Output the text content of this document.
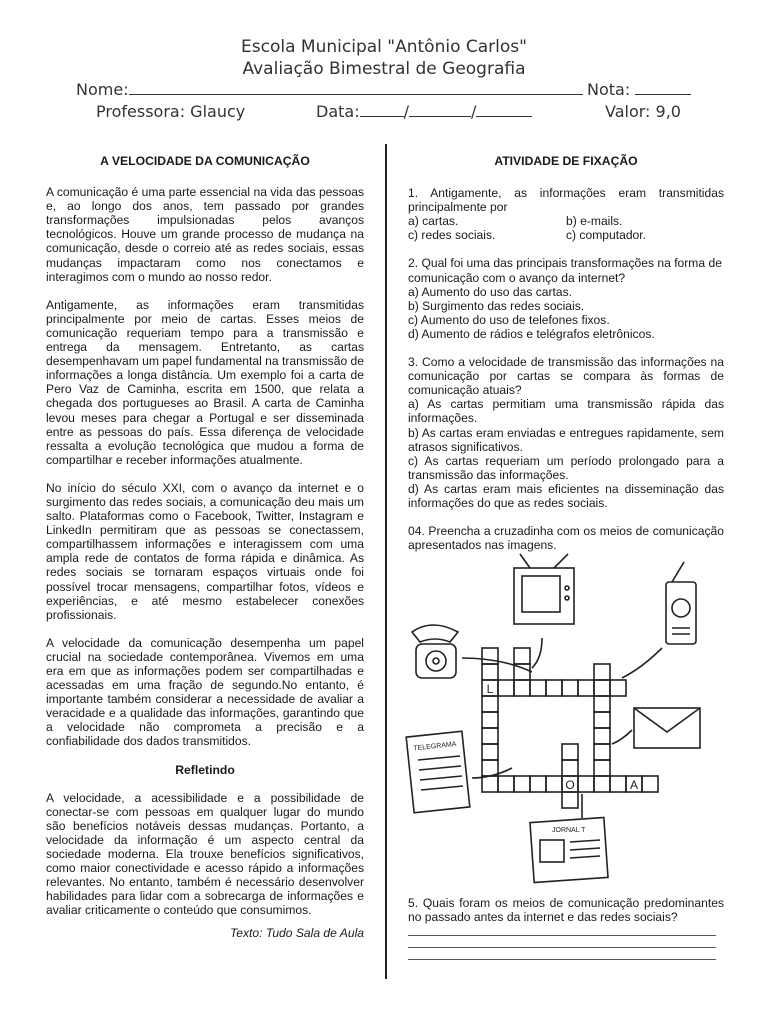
Escola Municipal "Antônio Carlos"
Avaliação Bimestral de Geografia
Nome:	Nota:
Professora: Glaucy	Data:	/	/	Valor: 9,0
A VELOCIDADE DA COMUNICAÇÃO

A comunicação é uma parte essencial na vida das pessoas e, ao longo dos anos, tem passado por grandes transformações impulsionadas pelos avanços tecnológicos. Houve um grande processo de mudança na comunicação, desde o correio até as redes sociais, essas mudanças impactaram como nos conectamos e interagimos com o mundo ao nosso redor.

Antigamente, as informações eram transmitidas principalmente por meio de cartas. Esses meios de comunicação requeriam tempo para a transmissão e entrega da mensagem. Entretanto, as cartas desempenhavam um papel fundamental na transmissão de informações a longa distância. Um exemplo foi a carta de Pero Vaz de Caminha, escrita em 1500, que relata a chegada dos portugueses ao Brasil. A carta de Caminha levou meses para chegar a Portugal e ser disseminada entre as pessoas do país. Essa diferença de velocidade ressalta a evolução tecnológica que mudou a forma de compartilhar e receber informações atualmente.

No início do século XXI, com o avanço da internet e o surgimento das redes sociais, a comunicação deu mais um salto. Plataformas como o Facebook, Twitter, Instagram e LinkedIn permitiram que as pessoas se conectassem, compartilhassem informações e interagissem com uma ampla rede de contatos de forma rápida e dinâmica. As redes sociais se tornaram espaços virtuais onde foi possível trocar mensagens, compartilhar fotos, vídeos e experiências, e até mesmo estabelecer conexões profissionais.

A velocidade da comunicação desempenha um papel crucial na sociedade contemporânea. Vivemos em uma era em que as informações podem ser compartilhadas e acessadas em uma fração de segundo.No entanto, é importante também considerar a necessidade de avaliar a veracidade e a qualidade das informações, garantindo que a velocidade não comprometa a precisão e a confiabilidade dos dados transmitidos.

Refletindo

A velocidade, a acessibilidade e a possibilidade de conectar-se com pessoas em qualquer lugar do mundo são benefícios notáveis dessas mudanças. Portanto, a velocidade da informação é um aspecto central da sociedade moderna. Ela trouxe benefícios significativos, como maior conectividade e acesso rápido a informações relevantes. No entanto, também é necessário desenvolver habilidades para lidar com a sobrecarga de informações e avaliar criticamente o conteúdo que consumimos.

Texto: Tudo Sala de Aula
ATIVIDADE DE FIXAÇÃO
1. Antigamente, as informações eram transmitidas principalmente por
a) cartas.	b) e-mails.
c) redes sociais.	c) computador.
2. Qual foi uma das principais transformações na forma de comunicação com o avanço da internet?
a) Aumento do uso das cartas.
b) Surgimento das redes sociais.
c) Aumento do uso de telefones fixos.
d) Aumento de rádios e telégrafos eletrônicos.
3. Como a velocidade de transmissão das informações na comunicação por cartas se compara às formas de comunicação atuais?
a) As cartas permitiam uma transmissão rápida das informações.
b) As cartas eram enviadas e entregues rapidamente, sem atrasos significativos.
c) As cartas requeriam um período prolongado para a transmissão das informações.
d) As cartas eram mais eficientes na disseminação das informações do que as redes sociais.
04. Preencha a cruzadinha com os meios de comunicação apresentados nas imagens.
TELEGRAMA
JORNAL T
L
O	A
5. Quais foram os meios de comunicação predominantes no passado antes da internet e das redes sociais?
